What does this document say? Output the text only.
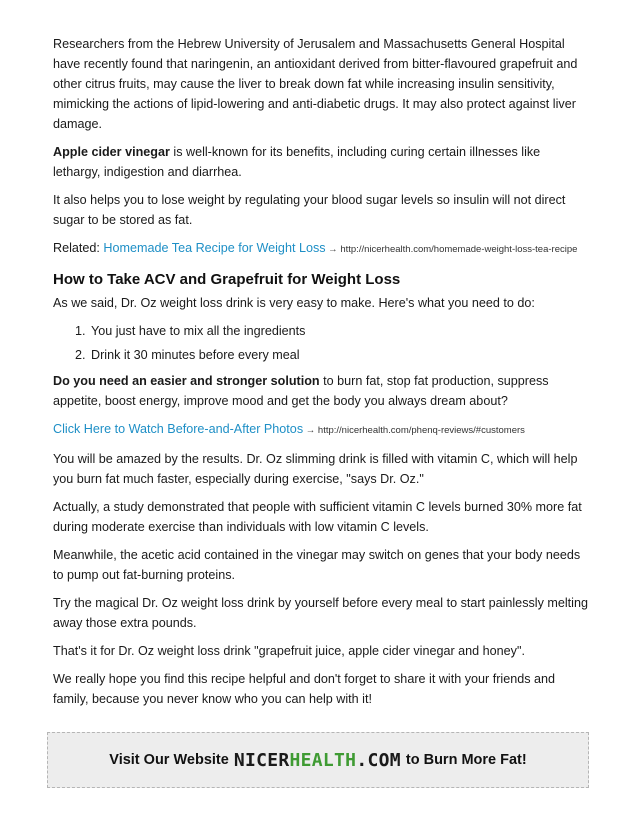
Researchers from the Hebrew University of Jerusalem and Massachusetts General Hospital have recently found that naringenin, an antioxidant derived from bitter-flavoured grapefruit and other citrus fruits, may cause the liver to break down fat while increasing insulin sensitivity, mimicking the actions of lipid-lowering and anti-diabetic drugs. It may also protect against liver damage.

Apple cider vinegar is well-known for its benefits, including curing certain illnesses like lethargy, indigestion and diarrhea.

It also helps you to lose weight by regulating your blood sugar levels so insulin will not direct sugar to be stored as fat.

Related: Homemade Tea Recipe for Weight Loss → http://nicerhealth.com/homemade-weight-loss-tea-recipe

How to Take ACV and Grapefruit for Weight Loss

As we said, Dr. Oz weight loss drink is very easy to make. Here's what you need to do:

1. You just have to mix all the ingredients
2. Drink it 30 minutes before every meal

Do you need an easier and stronger solution to burn fat, stop fat production, suppress appetite, boost energy, improve mood and get the body you always dream about?

Click Here to Watch Before-and-After Photos → http://nicerhealth.com/phenq-reviews/#customers

You will be amazed by the results. Dr. Oz slimming drink is filled with vitamin C, which will help you burn fat much faster, especially during exercise, "says Dr. Oz."

Actually, a study demonstrated that people with sufficient vitamin C levels burned 30% more fat during moderate exercise than individuals with low vitamin C levels.

Meanwhile, the acetic acid contained in the vinegar may switch on genes that your body needs to pump out fat-burning proteins.

Try the magical Dr. Oz weight loss drink by yourself before every meal to start painlessly melting away those extra pounds.

That's it for Dr. Oz weight loss drink "grapefruit juice, apple cider vinegar and honey".

We really hope you find this recipe helpful and don't forget to share it with your friends and family, because you never know who you can help with it!

Visit Our Website NICERHEALTH.COM to Burn More Fat!
